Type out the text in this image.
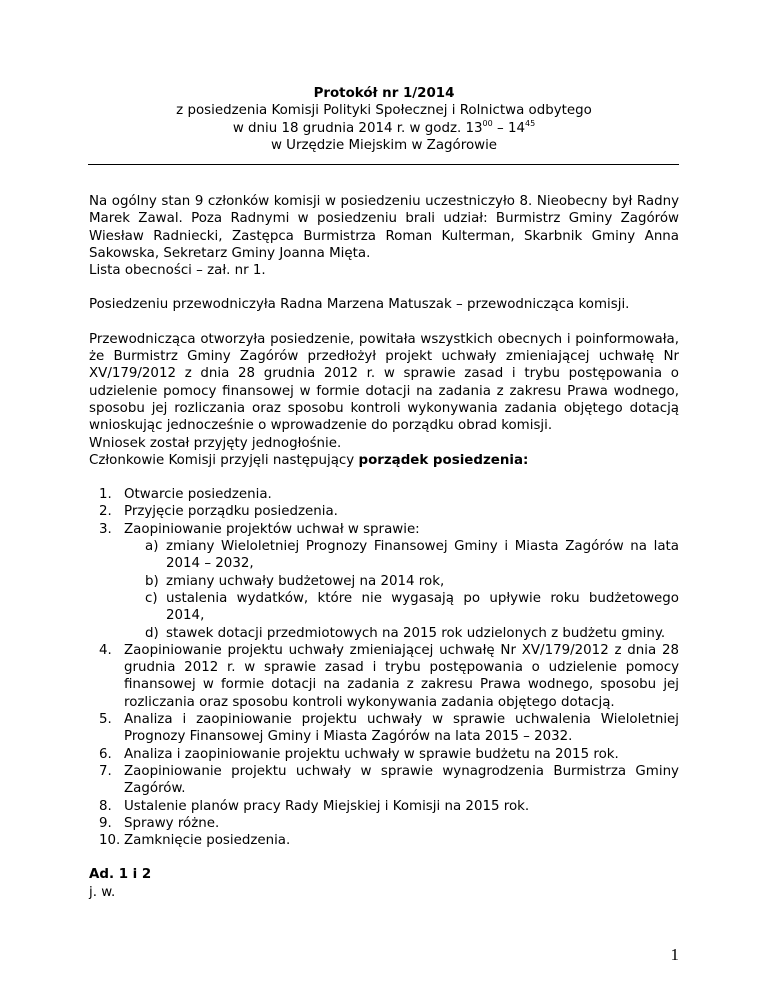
Protokół nr 1/2014
z posiedzenia Komisji Polityki Społecznej i Rolnictwa odbytego
w dniu 18 grudnia 2014 r. w godz. $13^{00} - 14^{45}$
w Urzędzie Miejskim w Zagórowie

Na ogólny stan 9 członków komisji w posiedzeniu uczestniczyło 8. Nieobecny był Radny Marek Zawal. Poza Radnymi w posiedzeniu brali udział: Burmistrz Gminy Zagórów Wiesław Radniecki, Zastępca Burmistrza Roman Kulterman, Skarbnik Gminy Anna Sakowska, Sekretarz Gminy Joanna Mięta.

Lista obecności – zał. nr 1.

Posiedzeniu przewodniczyła Radna Marzena Matuszak – przewodnicząca komisji.

Przewodnicząca otworzyła posiedzenie, powitała wszystkich obecnych i poinformowała, że Burmistrz Gminy Zagórów przedłożył projekt uchwały zmieniającej uchwałę Nr XV/179/2012 z dnia 28 grudnia 2012 r. w sprawie zasad i trybu postępowania o udzielenie pomocy finansowej w formie dotacji na zadania z zakresu Prawa wodnego, sposobu jej rozliczania oraz sposobu kontroli wykonywania zadania objętego dotacją wnioskując jednocześnie o wprowadzenie do porządku obrad komisji.

Wniosek został przyjęty jednogłośnie.

Członkowie Komisji przyjęli następujący porządek posiedzenia:

1. Otwarcie posiedzenia.
2. Przyjęcie porządku posiedzenia.
3. Zaopiniowanie projektów uchwał w sprawie:
a) zmiany Wieloletniej Prognozy Finansowej Gminy i Miasta Zagórów na lata 2014 – 2032,
b) zmiany uchwały budżetowej na 2014 rok,
c) ustalenia wydatków, które nie wygasają po upływie roku budżetowego 2014,
d) stawek dotacji przedmiotowych na 2015 rok udzielonych z budżetu gminy.
4. Zaopiniowanie projektu uchwały zmieniającej uchwałę Nr XV/179/2012 z dnia 28 grudnia 2012 r. w sprawie zasad i trybu postępowania o udzielenie pomocy finansowej w formie dotacji na zadania z zakresu Prawa wodnego, sposobu jej rozliczania oraz sposobu kontroli wykonywania zadania objętego dotacją.
5. Analiza i zaopiniowanie projektu uchwały w sprawie uchwalenia Wieloletniej Prognozy Finansowej Gminy i Miasta Zagórów na lata 2015 – 2032.
6. Analiza i zaopiniowanie projektu uchwały w sprawie budżetu na 2015 rok.
7. Zaopiniowanie projektu uchwały w sprawie wynagrodzenia Burmistrza Gminy Zagórów.
8. Ustalenie planów pracy Rady Miejskiej i Komisji na 2015 rok.
9. Sprawy różne.
10. Zamknięcie posiedzenia.

Ad. 1 i 2

j. w.

1
